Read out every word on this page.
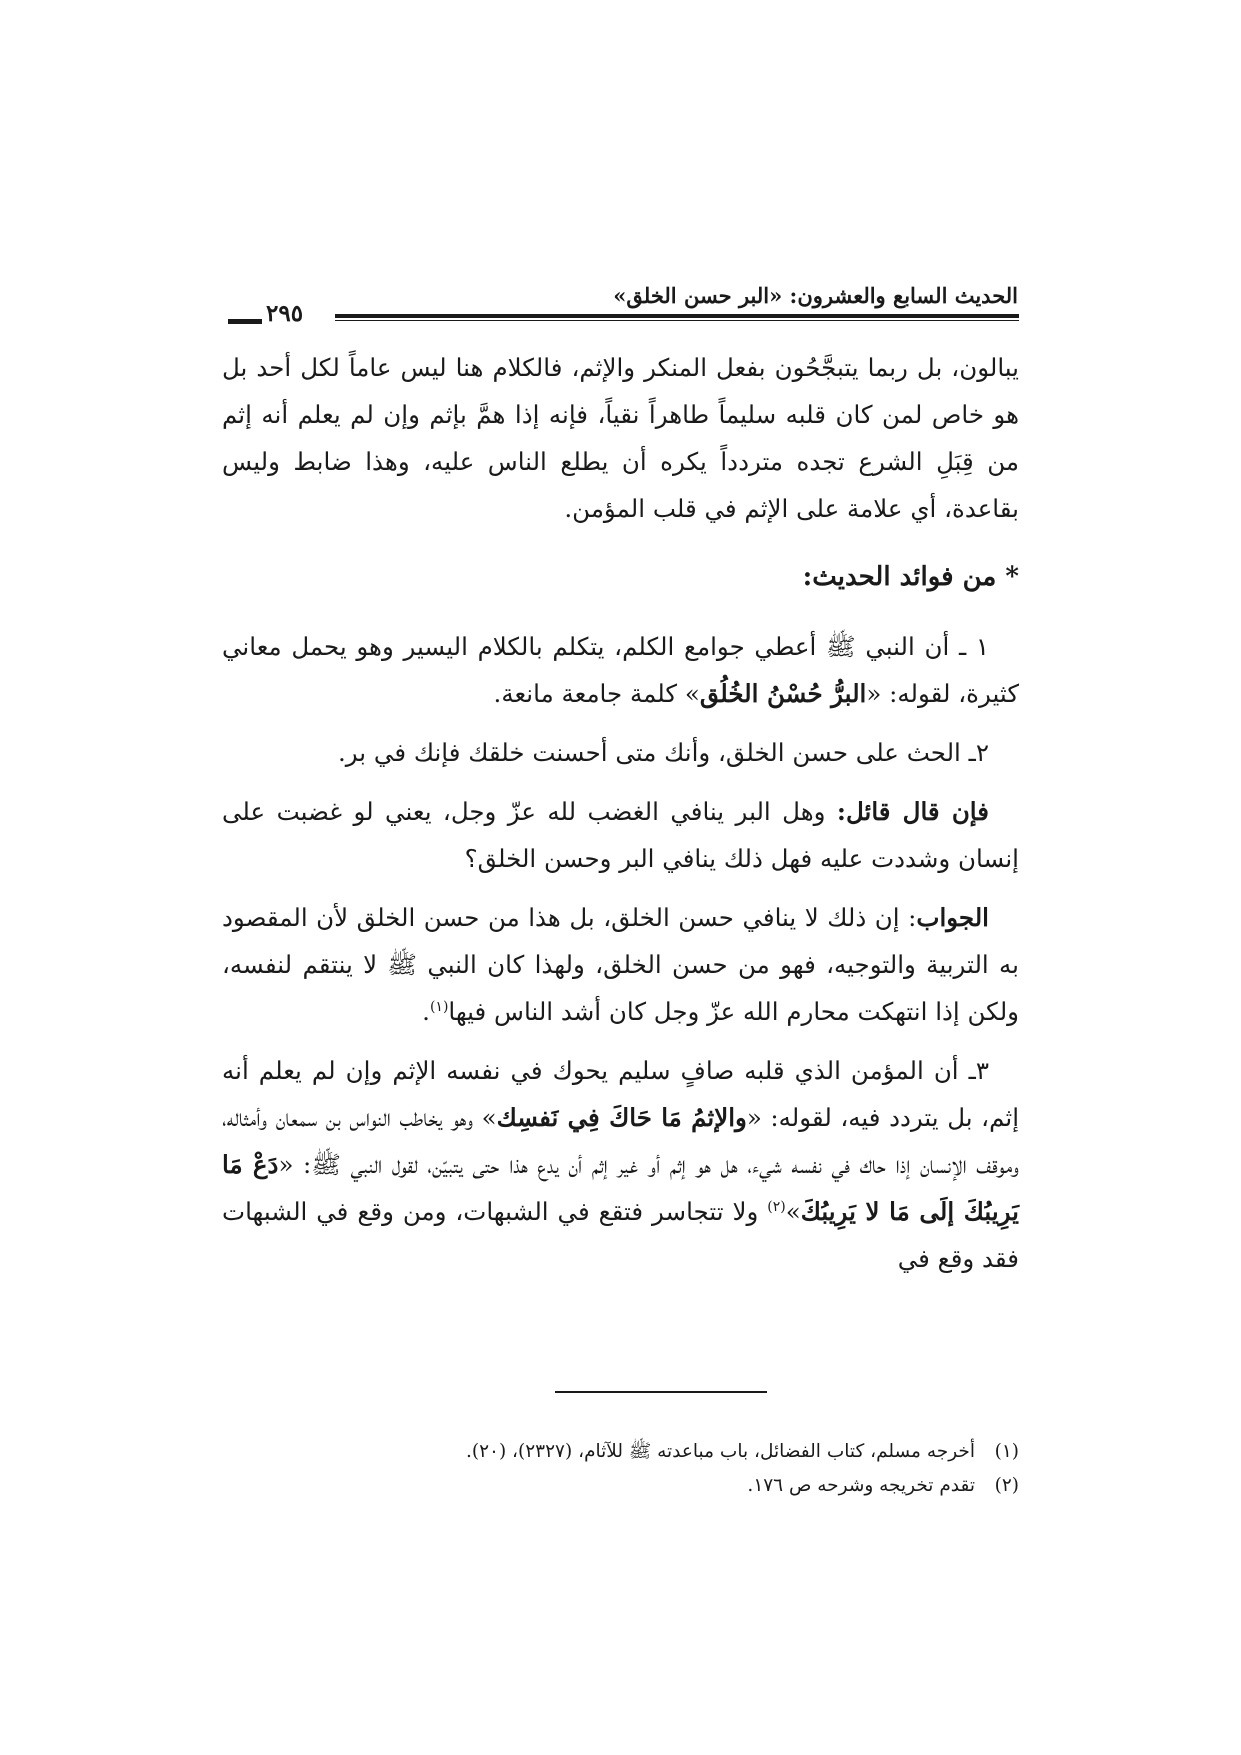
الحديث السابع والعشرون: «البر حسن الخلق»
٢٩٥

يبالون، بل ربما يتبجَّحُون بفعل المنكر والإثم، فالكلام هنا ليس عاماً لكل أحد بل هو خاص لمن كان قلبه سليماً طاهراً نقياً، فإنه إذا همَّ بإثم وإن لم يعلم أنه إثم من قِبَلِ الشرع تجده متردداً يكره أن يطلع الناس عليه، وهذا ضابط وليس بقاعدة، أي علامة على الإثم في قلب المؤمن.

* من فوائد الحديث:

١ ـ أن النبي ﷺ أعطي جوامع الكلم، يتكلم بالكلام اليسير وهو يحمل معاني كثيرة، لقوله: «البرُّ حُسْنُ الخُلُق» كلمة جامعة مانعة.

٢ـ الحث على حسن الخلق، وأنك متى أحسنت خلقك فإنك في بر.

فإن قال قائل: وهل البر ينافي الغضب لله عزّ وجل، يعني لو غضبت على إنسان وشددت عليه فهل ذلك ينافي البر وحسن الخلق؟

الجواب: إن ذلك لا ينافي حسن الخلق، بل هذا من حسن الخلق لأن المقصود به التربية والتوجيه، فهو من حسن الخلق، ولهذا كان النبي ﷺ لا ينتقم لنفسه، ولكن إذا انتهكت محارم الله عزّ وجل كان أشد الناس فيها$^{(١)}$.

٣ـ أن المؤمن الذي قلبه صافٍ سليم يحوك في نفسه الإثم وإن لم يعلم أنه إثم، بل يتردد فيه، لقوله: «والإثمُ مَا حَاكَ فِي نَفسِك» وهو يخاطب النواس بن سمعان وأمثاله، وموقف الإنسان إذا حاك في نفسه شيء، هل هو إثم أو غير إثم أن يدع هذا حتى يتبيّن، لقول النبي ﷺ: «دَعْ مَا يَرِيبُكَ إلَى مَا لا يَرِيبُكَ»$^{(٢)}$ ولا تتجاسر فتقع في الشبهات، ومن وقع في الشبهات فقد وقع في

(١)أخرجه مسلم، كتاب الفضائل، باب مباعدته ﷺ للآثام، (٢٣٢٧)، (٢٠).

(٢)تقدم تخريجه وشرحه ص ١٧٦.
